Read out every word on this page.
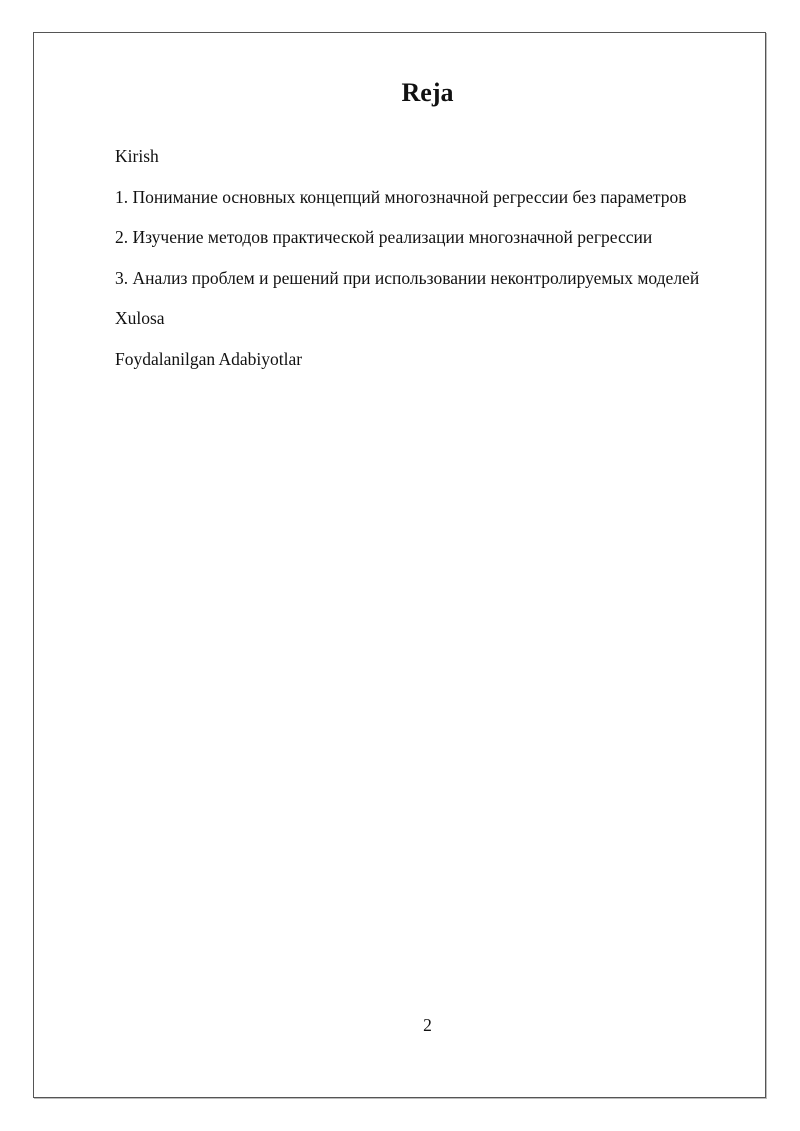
Reja
Kirish
1. Понимание основных концепций многозначной регрессии без параметров
2. Изучение методов практической реализации многозначной регрессии
3. Анализ проблем и решений при использовании неконтролируемых моделей
Xulosa
Foydalanilgan Adabiyotlar
2
